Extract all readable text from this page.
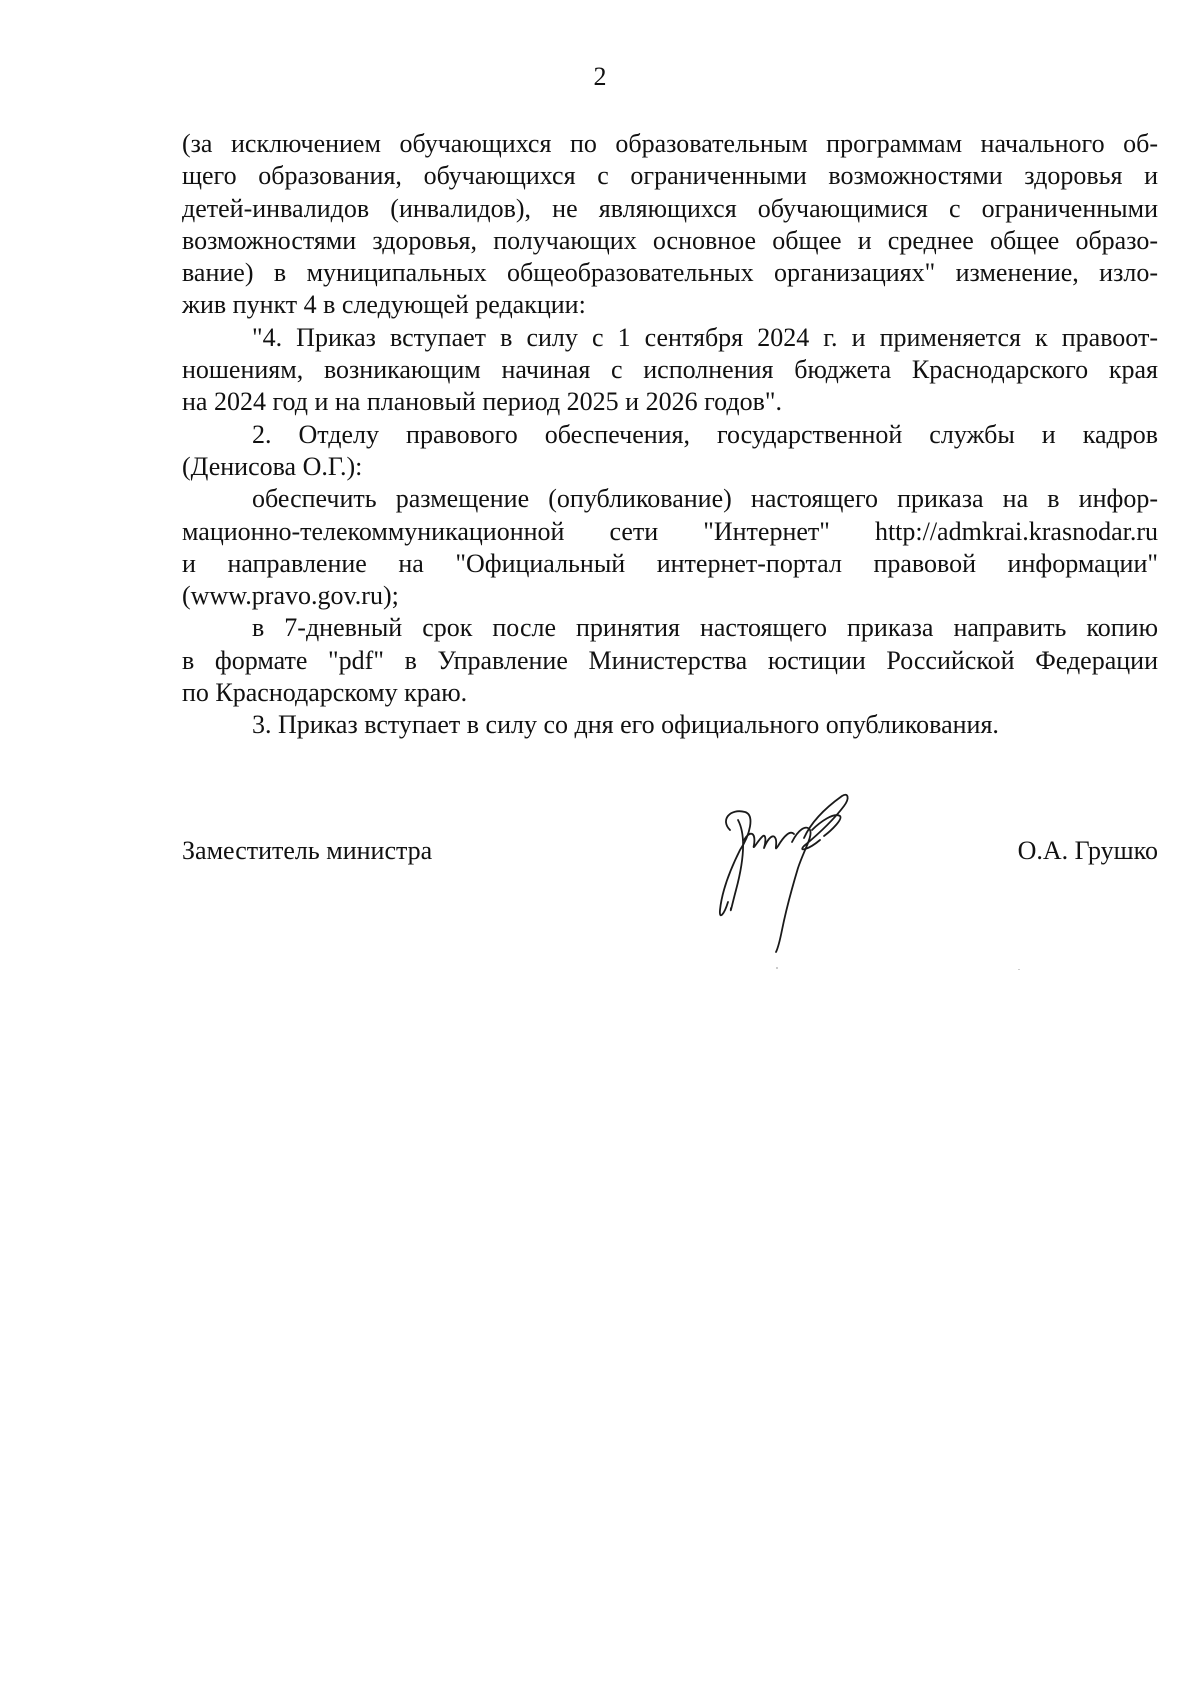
2
(за исключением обучающихся по образовательным программам начального об-
щего образования, обучающихся с ограниченными возможностями здоровья и
детей-инвалидов (инвалидов), не являющихся обучающимися с ограниченными
возможностями здоровья, получающих основное общее и среднее общее образо-
вание) в муниципальных общеобразовательных организациях" изменение, изло-
жив пункт 4 в следующей редакции:
"4. Приказ вступает в силу с 1 сентября 2024 г. и применяется к правоот-
ношениям, возникающим начиная с исполнения бюджета Краснодарского края
на 2024 год и на плановый период 2025 и 2026 годов".
2. Отделу правового обеспечения, государственной службы и кадров
(Денисова О.Г.):
обеспечить размещение (опубликование) настоящего приказа на в инфор-
мационно-телекоммуникационной сети "Интернет" http://admkrai.krasnodar.ru
и направление на "Официальный интернет-портал правовой информации"
(www.pravo.gov.ru);
в 7-дневный срок после принятия настоящего приказа направить копию
в формате "pdf" в Управление Министерства юстиции Российской Федерации
по Краснодарскому краю.
3. Приказ вступает в силу со дня его официального опубликования.
Заместитель министра	О.А. Грушко
